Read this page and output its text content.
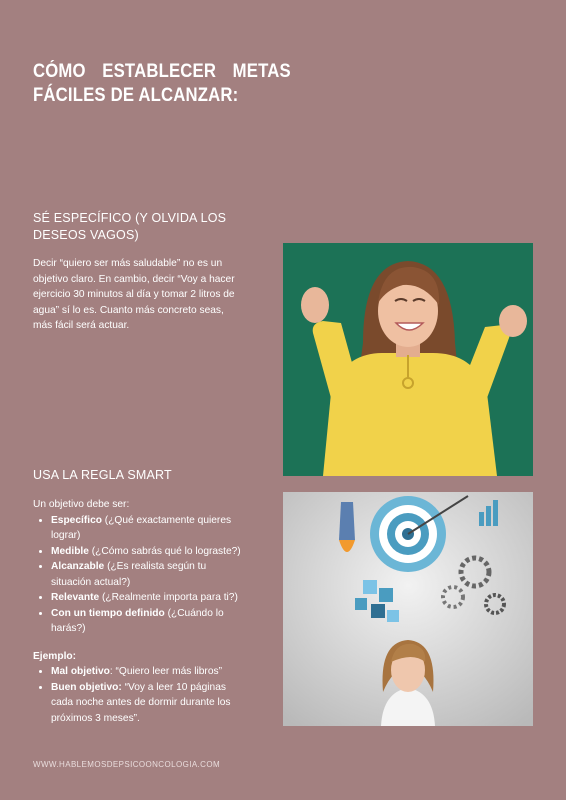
CÓMO ESTABLECER METAS
FÁCILES DE ALCANZAR:
SÉ ESPECÍFICO (Y OLVIDA LOS
DESEOS VAGOS)
Decir “quiero ser más saludable” no es un objetivo claro. En cambio, decir “Voy a hacer ejercicio 30 minutos al día y tomar 2 litros de agua” sí lo es. Cuanto más concreto seas, más fácil será actuar.
USA LA REGLA SMART
Un objetivo debe ser:
• Específico (¿Qué exactamente quieres lograr)
• Medible (¿Cómo sabrás qué lo lograste?)
• Alcanzable (¿Es realista según tu situación actual?)
• Relevante (¿Realmente importa para ti?)
• Con un tiempo definido (¿Cuándo lo harás?)
Ejemplo:
• Mal objetivo: “Quiero leer más libros”
• Buen objetivo: “Voy a leer 10 páginas cada noche antes de dormir durante los próximos 3 meses”.
WWW.HABLEMOSDEPSICOONCOLOGIA.COM
